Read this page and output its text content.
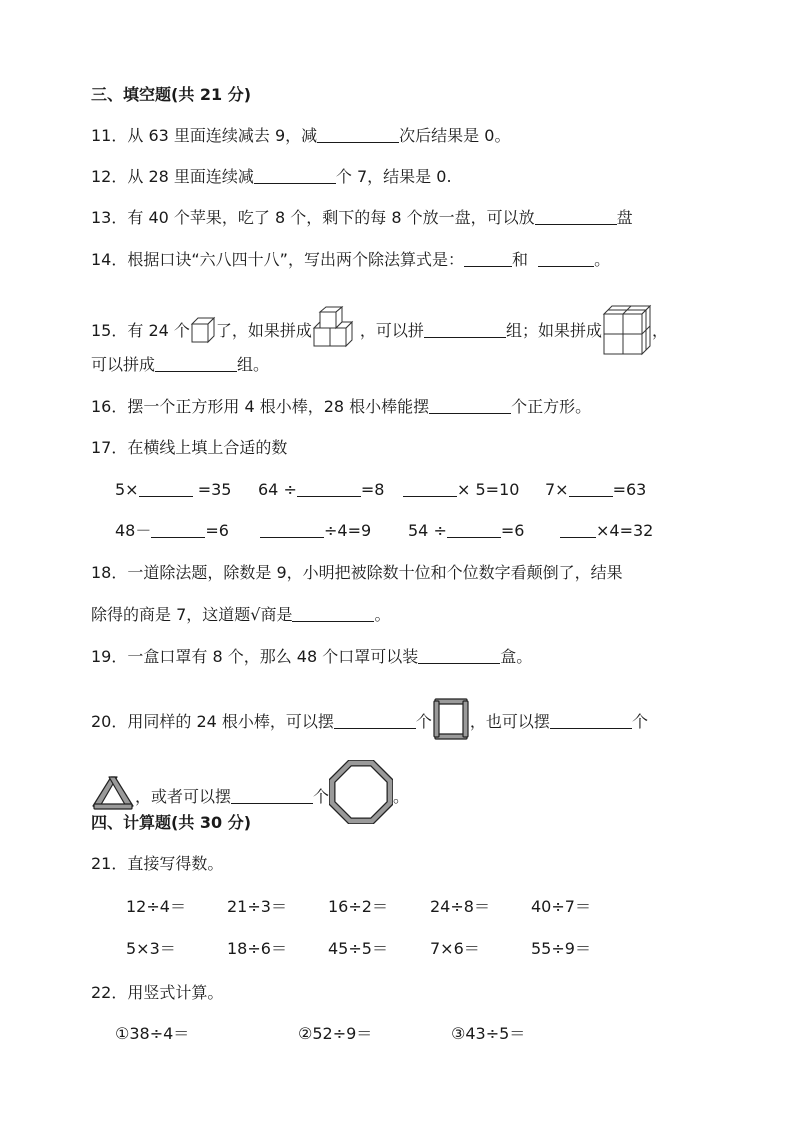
三、填空题(共 21 分)
11．从 63 里面连续减去 9，减	次后结果是 0。
12．从 28 里面连续减	个 7，结果是 0.
13．有 40 个苹果，吃了 8 个，剩下的每 8 个放一盘，可以放	盘
14．根据口诀“六八四十八”，写出两个除法算式是：	和	。
15．有 24 个 了，如果拼成	，可以拼	组；如果拼成	，
可以拼成	组。
16．摆一个正方形用 4 根小棒，28 根小棒能摆	个正方形。
17．在横线上填上合适的数
5×	=35 64 ÷	=8	× 5=10 7×	=63
48－	=6	÷4=9 54 ÷	=6	×4=32
18．一道除法题，除数是 9，小明把被除数十位和个位数字看颠倒了，结果
除得的商是 7，这道题√商是	。
19．一盒口罩有 8 个，那么 48 个口罩可以装	盒。
20．用同样的 24 根小棒，可以摆	个 ，也可以摆	个
，或者可以摆	个	。
四、计算题(共 30 分)
21．直接写得数。
12÷4＝	21÷3＝	16÷2＝	24÷8＝	40÷7＝
5×3＝	18÷6＝	45÷5＝	7×6＝	55÷9＝
22．用竖式计算。
①38÷4＝	②52÷9＝	③43÷5＝
